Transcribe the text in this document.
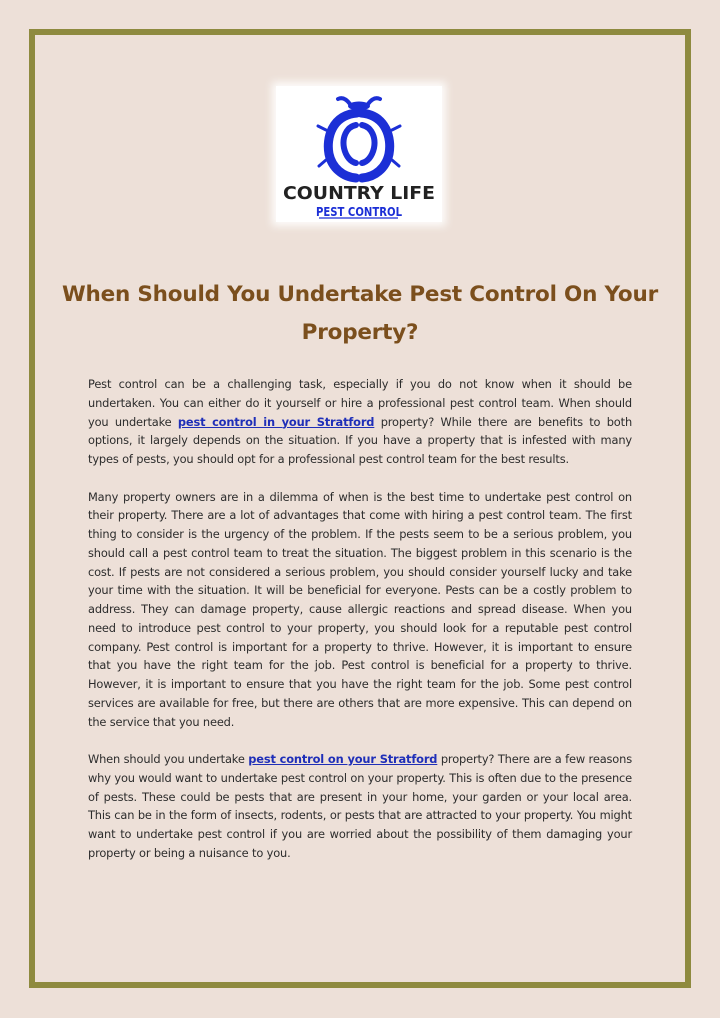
COUNTRY LIFE
PEST CONTROL
When Should You Undertake Pest Control On Your Property?

Pest control can be a challenging task, especially if you do not know when it should be undertaken. You can either do it yourself or hire a professional pest control team. When should you undertake pest control in your Stratford property? While there are benefits to both options, it largely depends on the situation. If you have a property that is infested with many types of pests, you should opt for a professional pest control team for the best results.

Many property owners are in a dilemma of when is the best time to undertake pest control on their property. There are a lot of advantages that come with hiring a pest control team. The first thing to consider is the urgency of the problem. If the pests seem to be a serious problem, you should call a pest control team to treat the situation. The biggest problem in this scenario is the cost. If pests are not considered a serious problem, you should consider yourself lucky and take your time with the situation. It will be beneficial for everyone. Pests can be a costly problem to address. They can damage property, cause allergic reactions and spread disease. When you need to introduce pest control to your property, you should look for a reputable pest control company. Pest control is important for a property to thrive. However, it is important to ensure that you have the right team for the job. Pest control is beneficial for a property to thrive. However, it is important to ensure that you have the right team for the job. Some pest control services are available for free, but there are others that are more expensive. This can depend on the service that you need.

When should you undertake pest control on your Stratford property? There are a few reasons why you would want to undertake pest control on your property. This is often due to the presence of pests. These could be pests that are present in your home, your garden or your local area. This can be in the form of insects, rodents, or pests that are attracted to your property. You might want to undertake pest control if you are worried about the possibility of them damaging your property or being a nuisance to you.
